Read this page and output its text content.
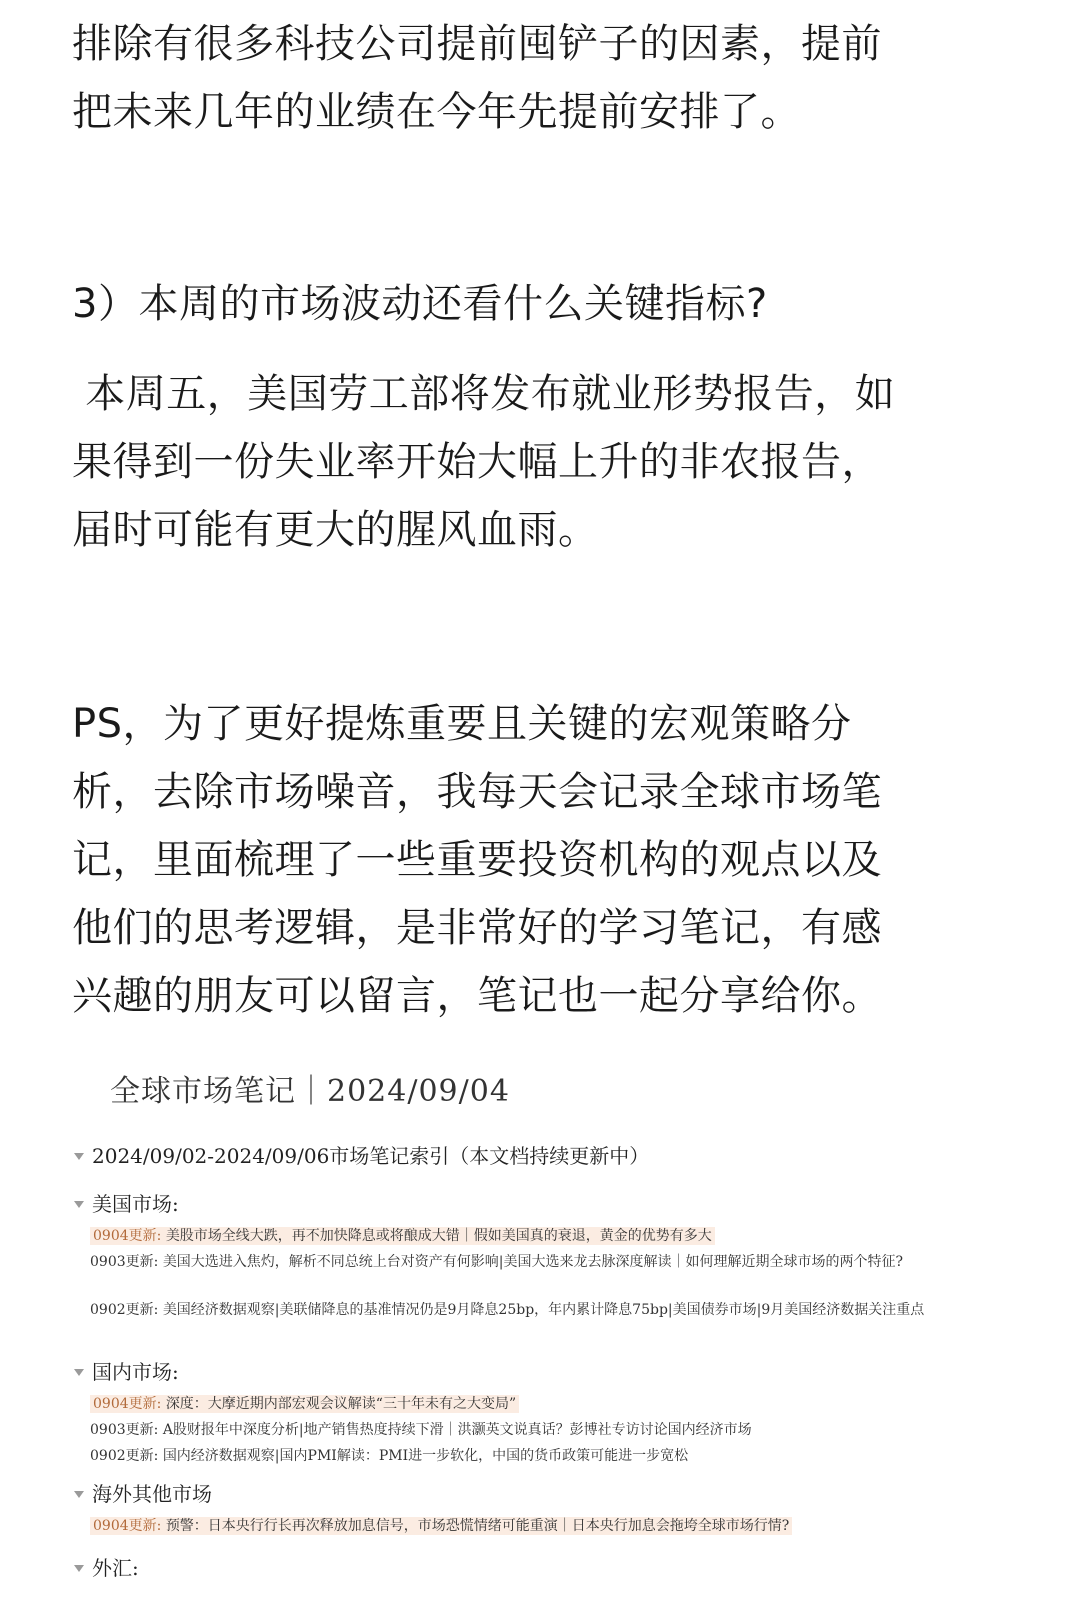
排除有很多科技公司提前囤铲子的因素，提前
把未来几年的业绩在今年先提前安排了。

3）本周的市场波动还看什么关键指标?

本周五，美国劳工部将发布就业形势报告，如
果得到一份失业率开始大幅上升的非农报告，
届时可能有更大的腥风血雨。

PS，为了更好提炼重要且关键的宏观策略分
析，去除市场噪音，我每天会记录全球市场笔
记，里面梳理了一些重要投资机构的观点以及
他们的思考逻辑，是非常好的学习笔记，有感
兴趣的朋友可以留言，笔记也一起分享给你。

全球市场笔记｜2024/09/04
2024/09/02-2024/09/06市场笔记索引（本文档持续更新中）
美国市场:
0904更新: 美股市场全线大跌，再不加快降息或将酿成大错｜假如美国真的衰退，黄金的优势有多大
0903更新: 美国大选进入焦灼，解析不同总统上台对资产有何影响|美国大选来龙去脉深度解读｜如何理解近期全球市场的两个特征?
0902更新: 美国经济数据观察|美联储降息的基准情况仍是9月降息25bp，年内累计降息75bp|美国债券市场|9月美国经济数据关注重点
国内市场:
0904更新: 深度：大摩近期内部宏观会议解读“三十年未有之大变局”
0903更新: A股财报年中深度分析|地产销售热度持续下滑｜洪灏英文说真话？彭博社专访讨论国内经济市场
0902更新: 国内经济数据观察|国内PMI解读：PMI进一步软化，中国的货币政策可能进一步宽松
海外其他市场
0904更新: 预警：日本央行行长再次释放加息信号，市场恐慌情绪可能重演｜日本央行加息会拖垮全球市场行情?
外汇:
